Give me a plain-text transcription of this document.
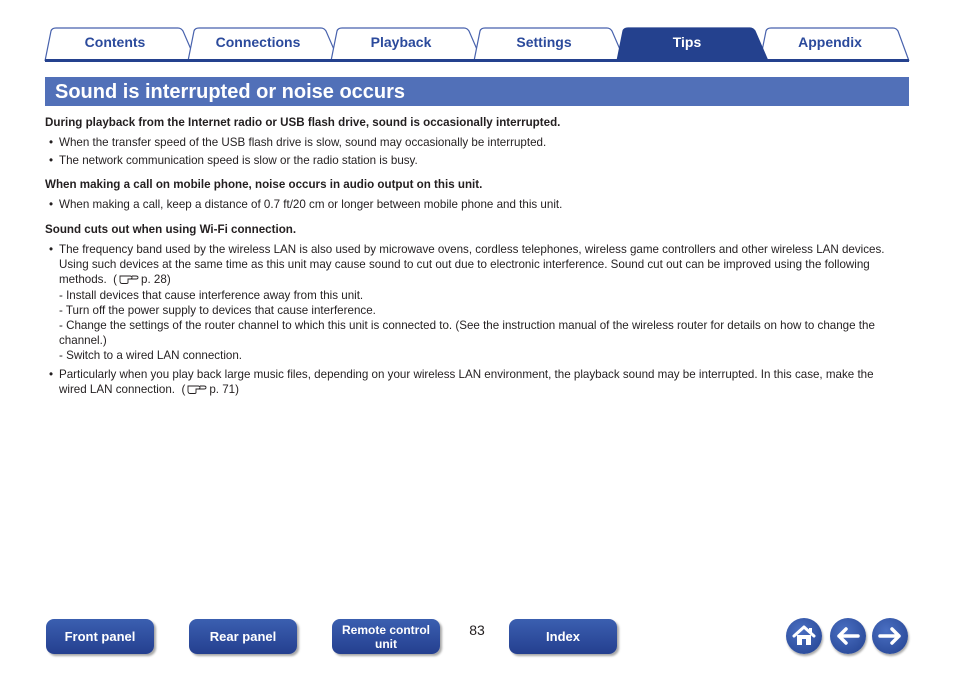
Contents	Connections	Playback	Settings	Tips	Appendix
Sound is interrupted or noise occurs
During playback from the Internet radio or USB flash drive, sound is occasionally interrupted.
• When the transfer speed of the USB flash drive is slow, sound may occasionally be interrupted.
• The network communication speed is slow or the radio station is busy.
When making a call on mobile phone, noise occurs in audio output on this unit.
• When making a call, keep a distance of 0.7 ft/20 cm or longer between mobile phone and this unit.
Sound cuts out when using Wi-Fi connection.
• The frequency band used by the wireless LAN is also used by microwave ovens, cordless telephones, wireless game controllers and other wireless LAN devices. Using such devices at the same time as this unit may cause sound to cut out due to electronic interference. Sound cut out can be improved using the following methods. ( p. 28)
- Install devices that cause interference away from this unit.
- Turn off the power supply to devices that cause interference.
- Change the settings of the router channel to which this unit is connected to. (See the instruction manual of the wireless router for details on how to change the channel.)
- Switch to a wired LAN connection.
• Particularly when you play back large music files, depending on your wireless LAN environment, the playback sound may be interrupted. In this case, make the wired LAN connection. ( p. 71)
Front panel	Rear panel	Remote control
unit
83	Index
